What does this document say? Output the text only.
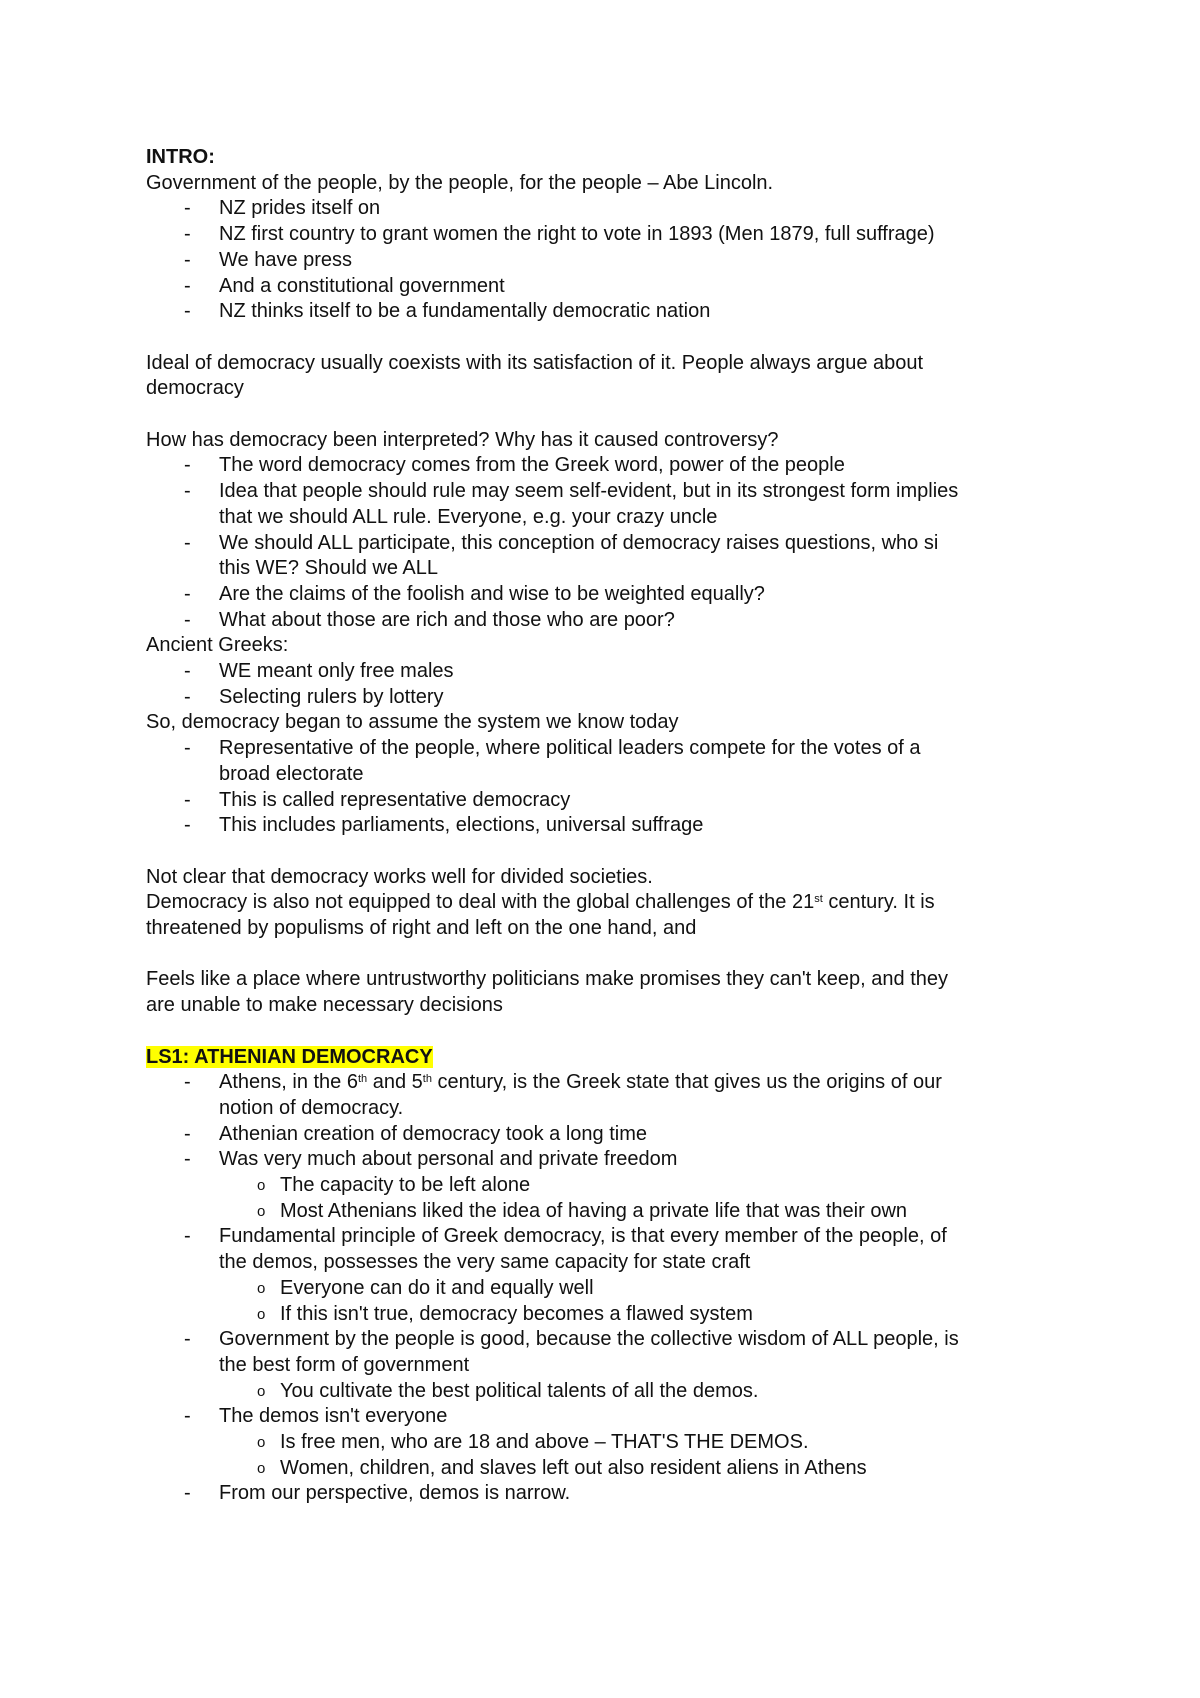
INTRO:
Government of the people, by the people, for the people – Abe Lincoln.
- NZ prides itself on
- NZ first country to grant women the right to vote in 1893 (Men 1879, full suffrage)
- We have press
- And a constitutional government
- NZ thinks itself to be a fundamentally democratic nation
Ideal of democracy usually coexists with its satisfaction of it. People always argue about
democracy
How has democracy been interpreted? Why has it caused controversy?
- The word democracy comes from the Greek word, power of the people
- Idea that people should rule may seem self-evident, but in its strongest form implies
that we should ALL rule. Everyone, e.g. your crazy uncle
- We should ALL participate, this conception of democracy raises questions, who si
this WE? Should we ALL
- Are the claims of the foolish and wise to be weighted equally?
- What about those are rich and those who are poor?
Ancient Greeks:
- WE meant only free males
- Selecting rulers by lottery
So, democracy began to assume the system we know today
- Representative of the people, where political leaders compete for the votes of a
broad electorate
- This is called representative democracy
- This includes parliaments, elections, universal suffrage
Not clear that democracy works well for divided societies.
Democracy is also not equipped to deal with the global challenges of the 21st century. It is
threatened by populisms of right and left on the one hand, and
Feels like a place where untrustworthy politicians make promises they can't keep, and they
are unable to make necessary decisions
LS1: ATHENIAN DEMOCRACY
- Athens, in the 6th and 5th century, is the Greek state that gives us the origins of our
notion of democracy.
- Athenian creation of democracy took a long time
- Was very much about personal and private freedom
o The capacity to be left alone
o Most Athenians liked the idea of having a private life that was their own
- Fundamental principle of Greek democracy, is that every member of the people, of
the demos, possesses the very same capacity for state craft
o Everyone can do it and equally well
o If this isn't true, democracy becomes a flawed system
- Government by the people is good, because the collective wisdom of ALL people, is
the best form of government
o You cultivate the best political talents of all the demos.
- The demos isn't everyone
o Is free men, who are 18 and above – THAT'S THE DEMOS.
o Women, children, and slaves left out also resident aliens in Athens
- From our perspective, demos is narrow.
